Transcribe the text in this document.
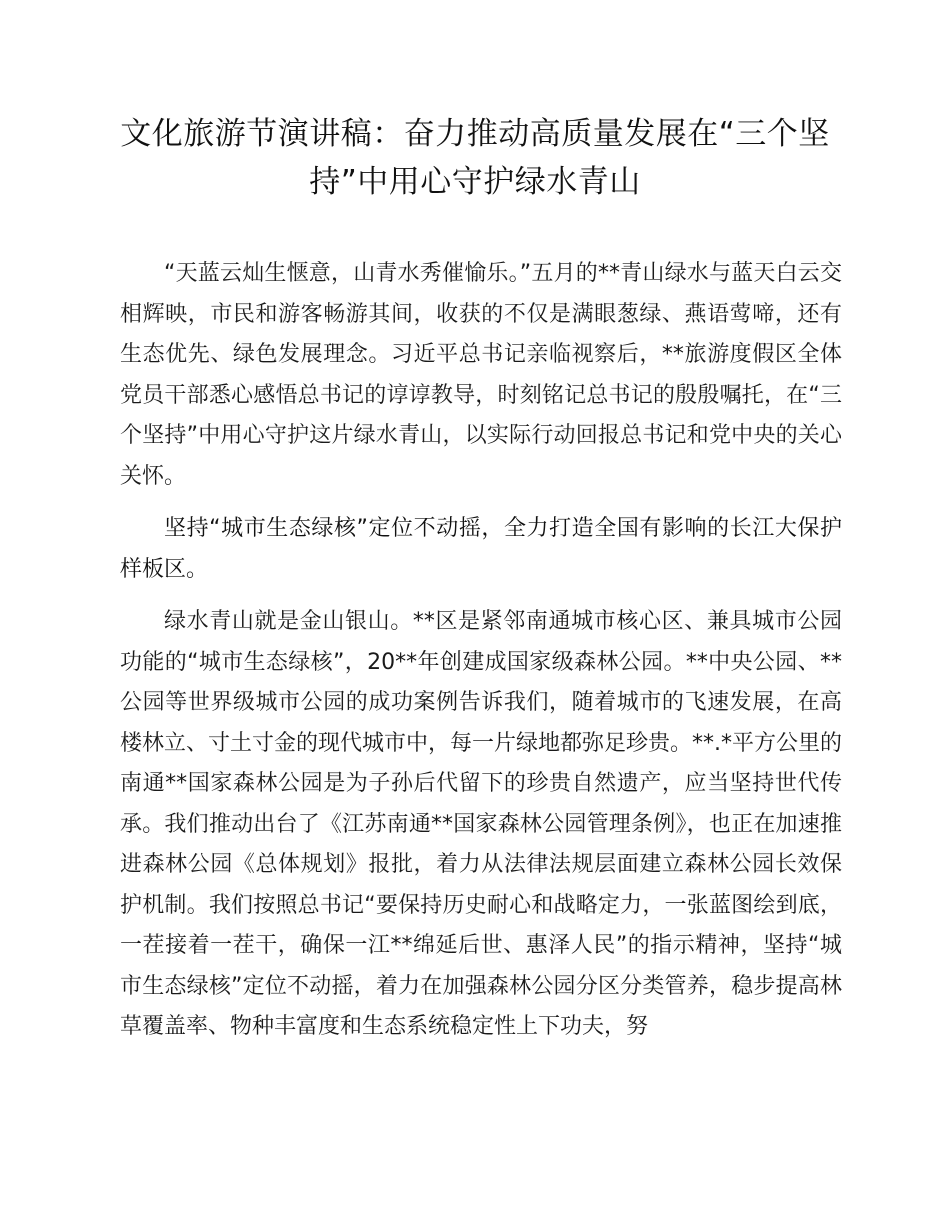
文化旅游节演讲稿：奋力推动高质量发展在“三个坚持”中用心守护绿水青山

“天蓝云灿生惬意，山青水秀催愉乐。”五月的**青山绿水与蓝天白云交相辉映，市民和游客畅游其间，收获的不仅是满眼葱绿、燕语莺啼，还有生态优先、绿色发展理念。习近平总书记亲临视察后，**旅游度假区全体党员干部悉心感悟总书记的谆谆教导，时刻铭记总书记的殷殷嘱托，在“三个坚持”中用心守护这片绿水青山，以实际行动回报总书记和党中央的关心关怀。

坚持“城市生态绿核”定位不动摇，全力打造全国有影响的长江大保护样板区。

绿水青山就是金山银山。**区是紧邻南通城市核心区、兼具城市公园功能的“城市生态绿核”，20**年创建成国家级森林公园。**中央公园、**公园等世界级城市公园的成功案例告诉我们，随着城市的飞速发展，在高楼林立、寸土寸金的现代城市中，每一片绿地都弥足珍贵。**.*平方公里的南通**国家森林公园是为子孙后代留下的珍贵自然遗产，应当坚持世代传承。我们推动出台了《江苏南通**国家森林公园管理条例》，也正在加速推进森林公园《总体规划》报批，着力从法律法规层面建立森林公园长效保护机制。我们按照总书记“要保持历史耐心和战略定力，一张蓝图绘到底，一茬接着一茬干，确保一江**绵延后世、惠泽人民”的指示精神，坚持“城市生态绿核”定位不动摇，着力在加强森林公园分区分类管养，稳步提高林草覆盖率、物种丰富度和生态系统稳定性上下功夫，努
